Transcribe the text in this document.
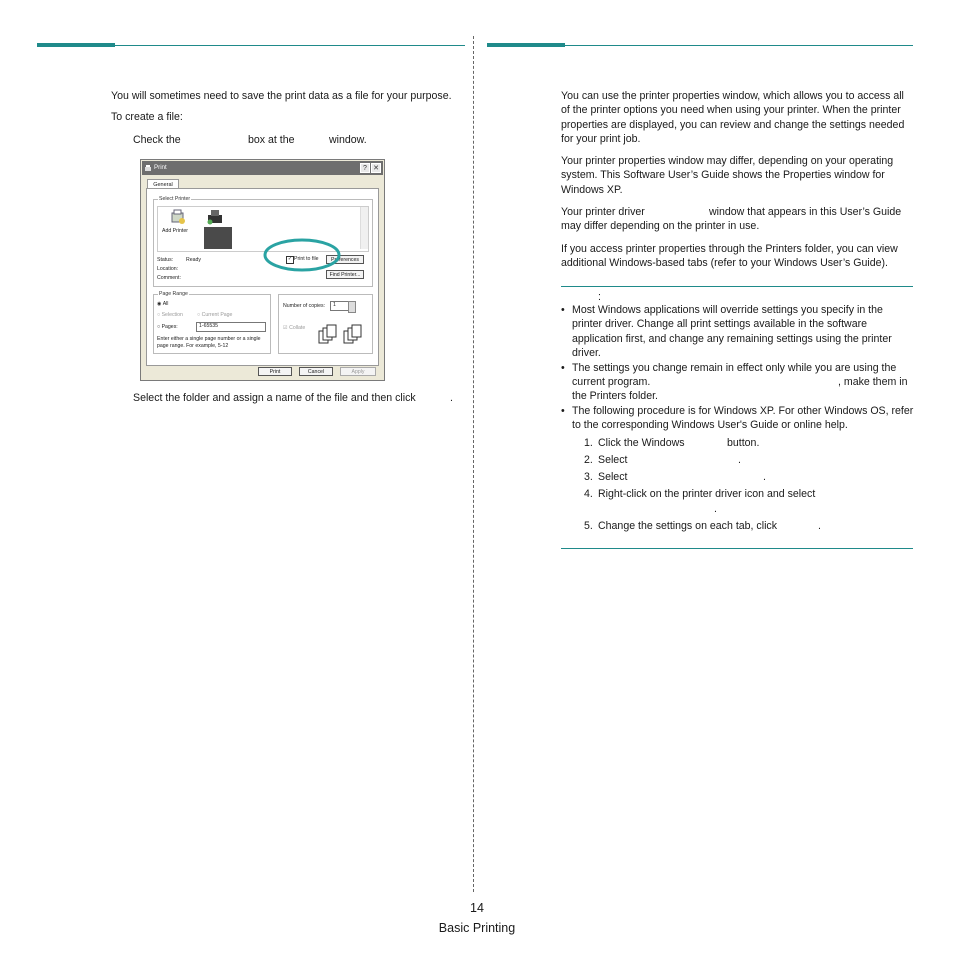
You will sometimes need to save the print data as a file for your purpose.
To create a file:
Check the	box at the	window.
Print	? ✕
General
Select Printer
Add Printer
Status: Ready
Location:
Comment:
✓ Print to file	Preferences
Find Printer...
Page Range
◉ All
○ Selection	○ Current Page
○ Pages:	1-65535
Enter either a single page number or a single
page range. For example, 5-12
Number of copies:	1
☑ Collate
Print	Cancel	Apply
Select the folder and assign a name of the file and then click	.

You can use the printer properties window, which allows you to access all of the printer options you need when using your printer. When the printer properties are displayed, you can review and change the settings needed for your print job.

Your printer properties window may differ, depending on your operating system. This Software User’s Guide shows the Properties window for Windows XP.

Your printer driver	window that appears in this User’s Guide may differ depending on the printer in use.

If you access printer properties through the Printers folder, you can view additional Windows-based tabs (refer to your Windows User’s Guide).

:
• Most Windows applications will override settings you specify in the printer driver. Change all print settings available in the software application first, and change any remaining settings using the printer driver.
• The settings you change remain in effect only while you are using the current program.	, make them in
the Printers folder.
• The following procedure is for Windows XP. For other Windows OS, refer to the corresponding Windows User's Guide or online help.
1. Click the Windows	button.
2. Select	.
3. Select	.
4. Right-click on the printer driver icon and select
.
5. Change the settings on each tab, click	.
14
Basic Printing
